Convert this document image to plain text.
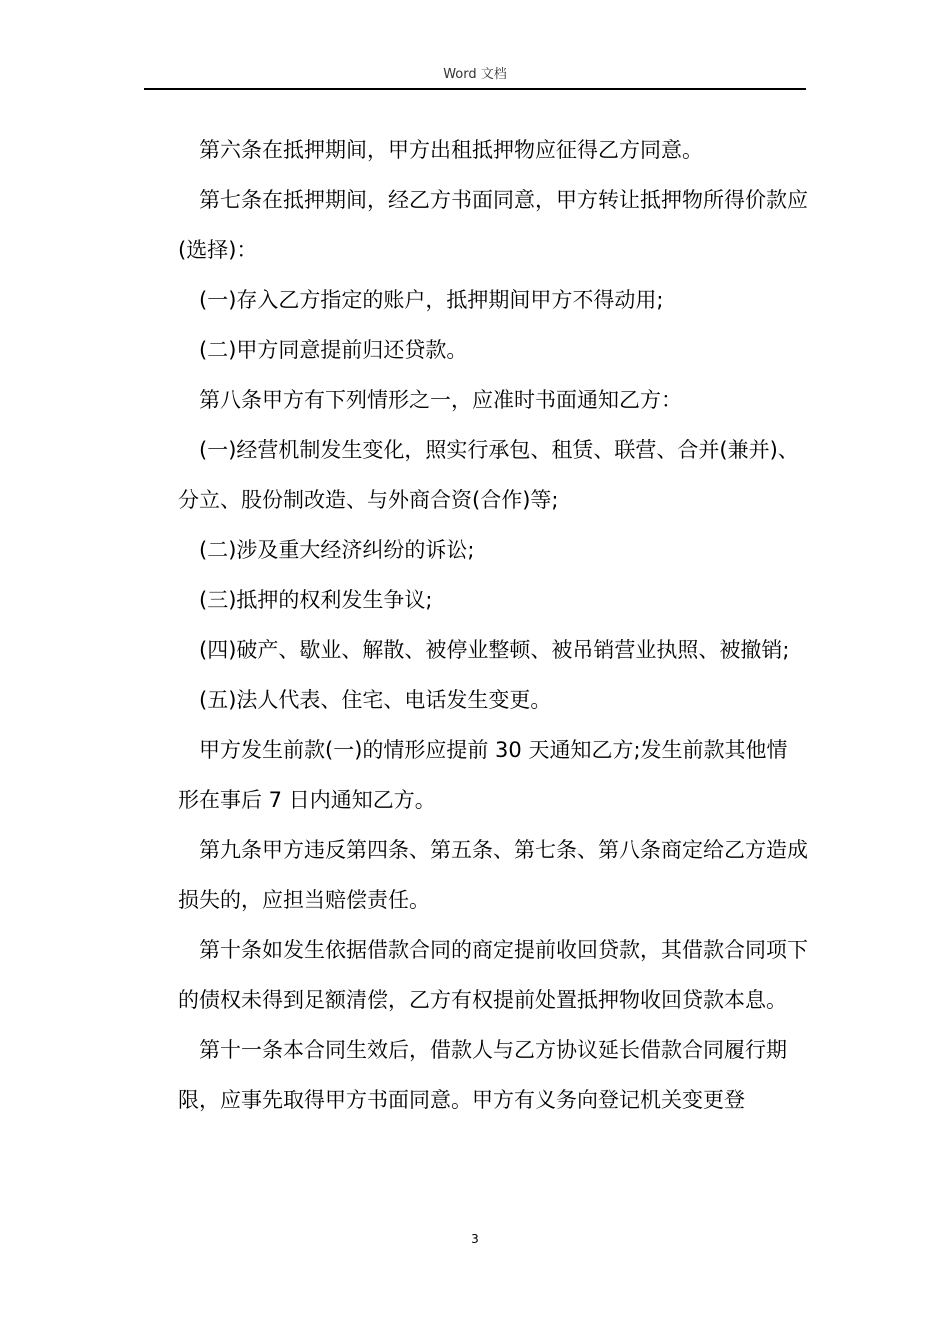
Word 文档

第六条在抵押期间，甲方出租抵押物应征得乙方同意。

第七条在抵押期间，经乙方书面同意，甲方转让抵押物所得价款应(选择)：

(一)存入乙方指定的账户，抵押期间甲方不得动用;

(二)甲方同意提前归还贷款。

第八条甲方有下列情形之一，应准时书面通知乙方：

(一)经营机制发生变化，照实行承包、租赁、联营、合并(兼并)、分立、股份制改造、与外商合资(合作)等;

(二)涉及重大经济纠纷的诉讼;

(三)抵押的权利发生争议;

(四)破产、歇业、解散、被停业整顿、被吊销营业执照、被撤销;

(五)法人代表、住宅、电话发生变更。

甲方发生前款(一)的情形应提前 30 天通知乙方;发生前款其他情形在事后 7 日内通知乙方。

第九条甲方违反第四条、第五条、第七条、第八条商定给乙方造成损失的，应担当赔偿责任。

第十条如发生依据借款合同的商定提前收回贷款，其借款合同项下的债权未得到足额清偿，乙方有权提前处置抵押物收回贷款本息。

第十一条本合同生效后，借款人与乙方协议延长借款合同履行期限，应事先取得甲方书面同意。甲方有义务向登记机关变更登

3
